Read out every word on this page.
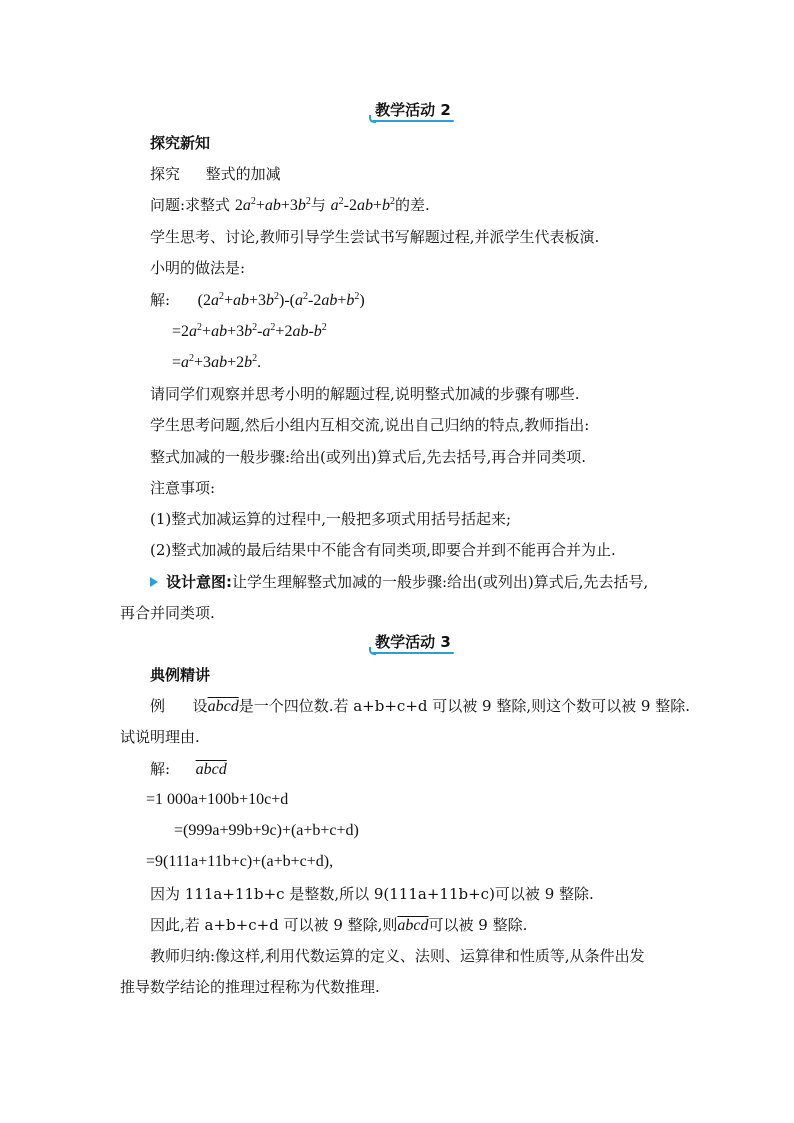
教学活动 2
探究新知
探究 整式的加减
问题:求整式 $2a^2+ab+3b^2$与 $a^2-2ab+b^2$的差.
学生思考、讨论,教师引导学生尝试书写解题过程,并派学生代表板演.
小明的做法是:
解: $(2a^2+ab+3b^2)-(a^2-2ab+b^2)$
$=2a^2+ab+3b^2-a^2+2ab-b^2$
$=a^2+3ab+2b^2$.
请同学们观察并思考小明的解题过程,说明整式加减的步骤有哪些.
学生思考问题,然后小组内互相交流,说出自己归纳的特点,教师指出:
整式加减的一般步骤:给出(或列出)算式后,先去括号,再合并同类项.
注意事项:
(1)整式加减运算的过程中,一般把多项式用括号括起来;
(2)整式加减的最后结果中不能含有同类项,即要合并到不能再合并为止.
设计意图:让学生理解整式加减的一般步骤:给出(或列出)算式后,先去括号,
再合并同类项.
教学活动 3
典例精讲
例 设abcd是一个四位数.若 a+b+c+d 可以被 9 整除,则这个数可以被 9 整除.
试说明理由.
解: abcd
=1 000a+100b+10c+d
=(999a+99b+9c)+(a+b+c+d)
=9(111a+11b+c)+(a+b+c+d),
因为 111a+11b+c 是整数,所以 9(111a+11b+c)可以被 9 整除.
因此,若 a+b+c+d 可以被 9 整除,则abcd可以被 9 整除.
教师归纳:像这样,利用代数运算的定义、法则、运算律和性质等,从条件出发
推导数学结论的推理过程称为代数推理.
